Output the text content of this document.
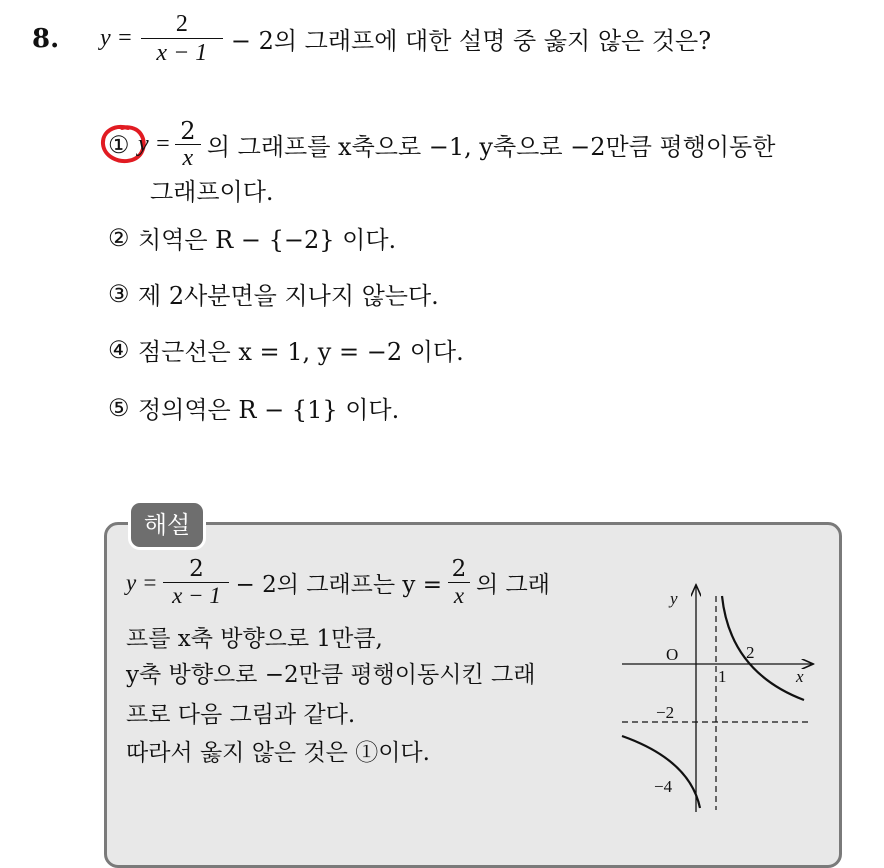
8. $y = \frac{2}{x - 1} - 2$의 그래프에 대한 설명 중 옳지 않은 것은?
① $y = \frac{2}{x}$ 의 그래프를 x축으로 −1, y축으로 −2만큼 평행이동한
그래프이다.
② 치역은 R − {−2} 이다.
③ 제 2사분면을 지나지 않는다.
④ 점근선은 x = 1, y = −2 이다.
⑤ 정의역은 R − {1} 이다.
해설
$y = \frac{2}{x - 1} - 2$의 그래프는 $y = \frac{2}{x}$ 의 그래
프를 x축 방향으로 1만큼,
y축 방향으로 −2만큼 평행이동시킨 그래
프로 다음 그림과 같다.
따라서 옳지 않은 것은 ①이다.
y
x
O
1
2
−2
−4
